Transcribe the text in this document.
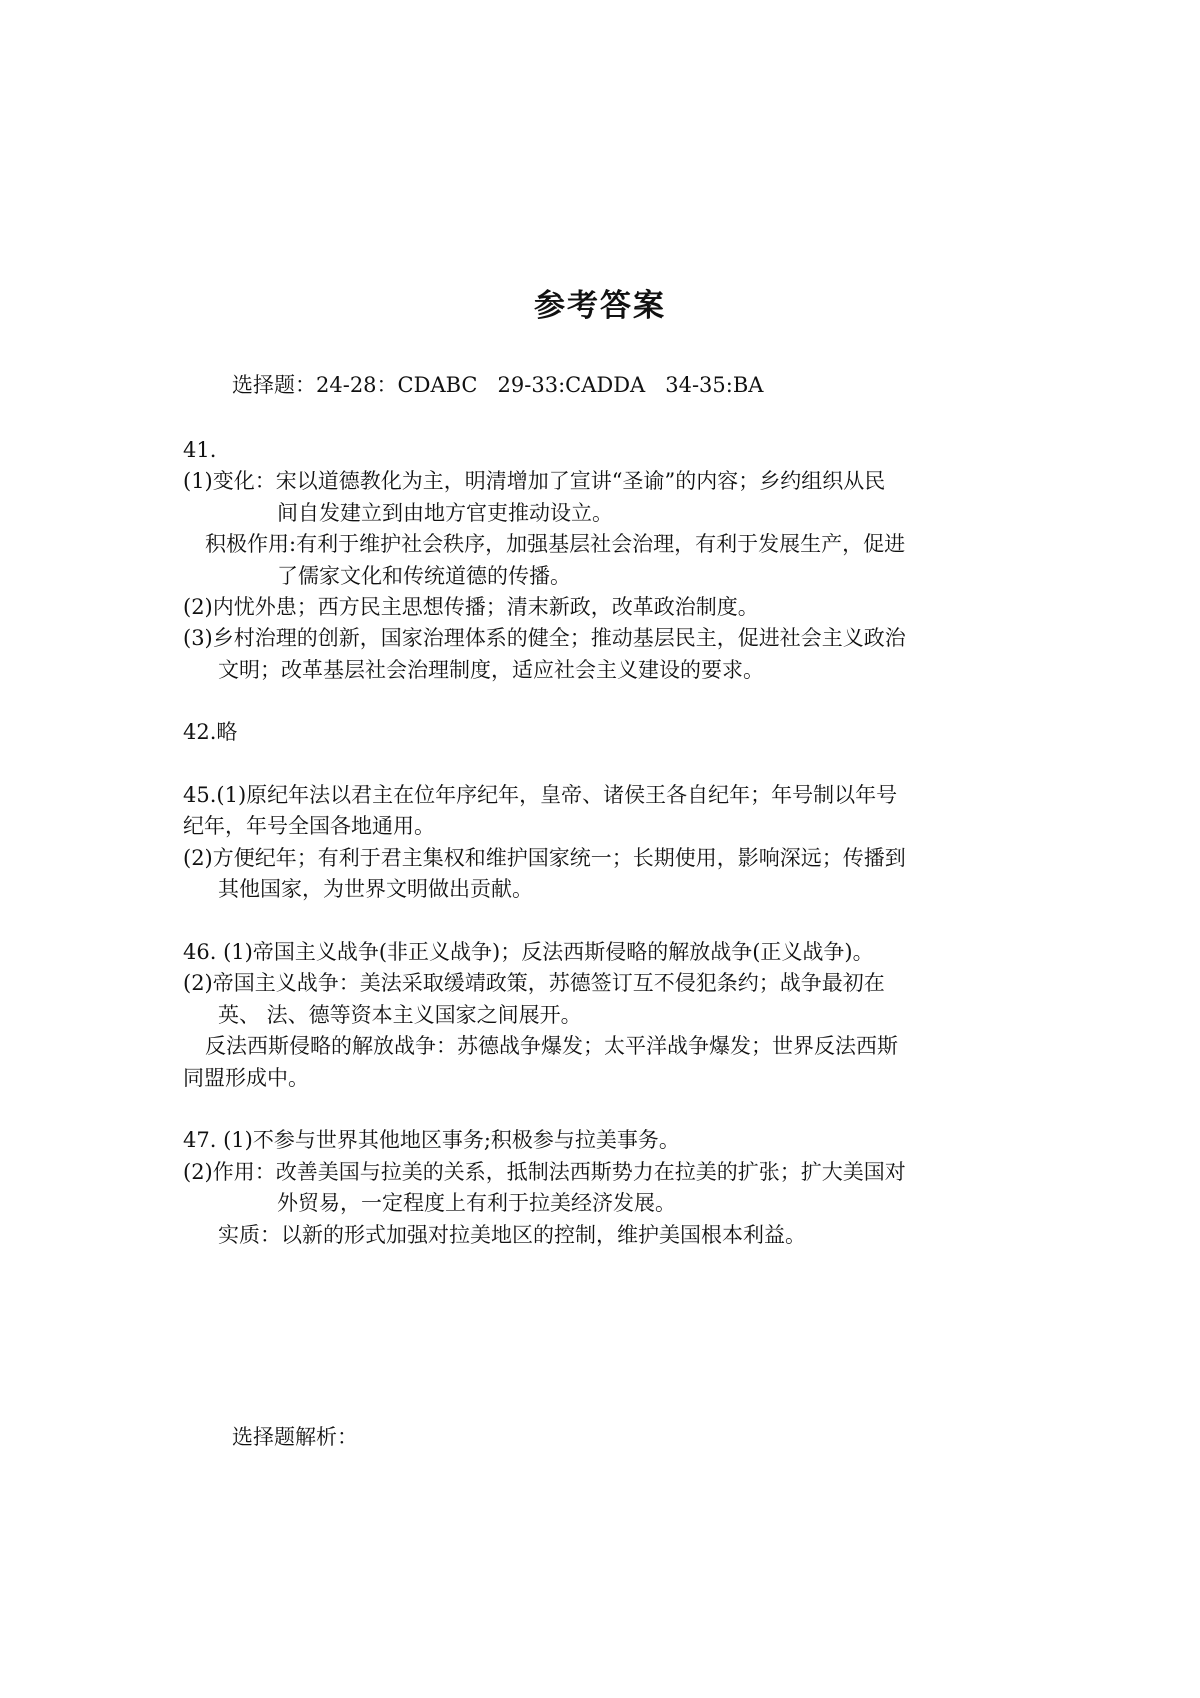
参考答案
选择题：24-28：CDABC   29-33:CADDA   34-35:BA
41.
(1)变化：宋以道德教化为主，明清增加了宣讲“圣谕”的内容；乡约组织从民
间自发建立到由地方官吏推动设立。
积极作用:有利于维护社会秩序，加强基层社会治理，有利于发展生产，促进
了儒家文化和传统道德的传播。
(2)内忧外患；西方民主思想传播；清末新政，改革政治制度。
(3)乡村治理的创新，国家治理体系的健全；推动基层民主，促进社会主义政治
文明；改革基层社会治理制度，适应社会主义建设的要求。
42.略
45.(1)原纪年法以君主在位年序纪年，皇帝、诸侯王各自纪年；年号制以年号
纪年，年号全国各地通用。
(2)方便纪年；有利于君主集权和维护国家统一；长期使用，影响深远；传播到
其他国家，为世界文明做出贡献。
46. (1)帝国主义战争(非正义战争)；反法西斯侵略的解放战争(正义战争)。
(2)帝国主义战争：美法采取缓靖政策，苏德签订互不侵犯条约；战争最初在
英、 法、德等资本主义国家之间展开。
反法西斯侵略的解放战争：苏德战争爆发；太平洋战争爆发；世界反法西斯
同盟形成中。
47. (1)不参与世界其他地区事务;积极参与拉美事务。
(2)作用：改善美国与拉美的关系，抵制法西斯势力在拉美的扩张；扩大美国对
外贸易，一定程度上有利于拉美经济发展。
实质：以新的形式加强对拉美地区的控制，维护美国根本利益。
选择题解析：
